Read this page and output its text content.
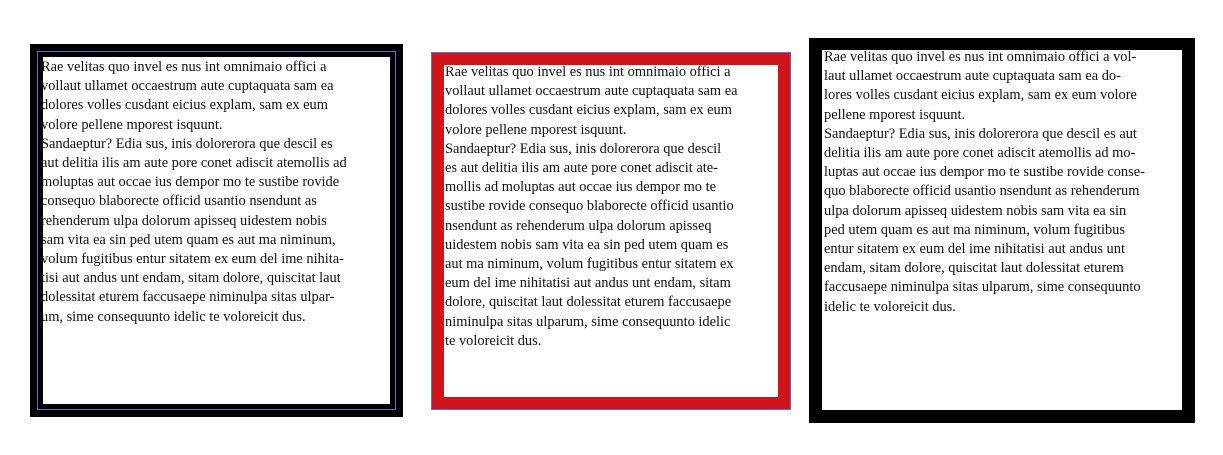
Rae velitas quo invel es nus int omnimaio offici a

vollaut ullamet occaestrum aute cuptaquata sam ea

dolores volles cusdant eicius explam, sam ex eum

volore pellene mporest isquunt.

Sandaeptur? Edia sus, inis dolorerora que descil es

aut delitia ilis am aute pore conet adiscit atemollis ad

moluptas aut occae ius dempor mo te sustibe rovide

consequo blaborecte officid usantio nsendunt as

rehenderum ulpa dolorum apisseq uidestem nobis

sam vita ea sin ped utem quam es aut ma niminum,

volum fugitibus entur sitatem ex eum del ime nihita-

tisi aut andus unt endam, sitam dolore, quiscitat laut

dolessitat eturem faccusaepe niminulpa sitas ulpar-

um, sime consequunto idelic te voloreicit dus.

Rae velitas quo invel es nus int omnimaio offici a

vollaut ullamet occaestrum aute cuptaquata sam ea

dolores volles cusdant eicius explam, sam ex eum

volore pellene mporest isquunt.

Sandaeptur? Edia sus, inis dolorerora que descil

es aut delitia ilis am aute pore conet adiscit ate-

mollis ad moluptas aut occae ius dempor mo te

sustibe rovide consequo blaborecte officid usantio

nsendunt as rehenderum ulpa dolorum apisseq

uidestem nobis sam vita ea sin ped utem quam es

aut ma niminum, volum fugitibus entur sitatem ex

eum del ime nihitatisi aut andus unt endam, sitam

dolore, quiscitat laut dolessitat eturem faccusaepe

niminulpa sitas ulparum, sime consequunto idelic

te voloreicit dus.

Rae velitas quo invel es nus int omnimaio offici a vol-

laut ullamet occaestrum aute cuptaquata sam ea do-

lores volles cusdant eicius explam, sam ex eum volore

pellene mporest isquunt.

Sandaeptur? Edia sus, inis dolorerora que descil es aut

delitia ilis am aute pore conet adiscit atemollis ad mo-

luptas aut occae ius dempor mo te sustibe rovide conse-

quo blaborecte officid usantio nsendunt as rehenderum

ulpa dolorum apisseq uidestem nobis sam vita ea sin

ped utem quam es aut ma niminum, volum fugitibus

entur sitatem ex eum del ime nihitatisi aut andus unt

endam, sitam dolore, quiscitat laut dolessitat eturem

faccusaepe niminulpa sitas ulparum, sime consequunto

idelic te voloreicit dus.
